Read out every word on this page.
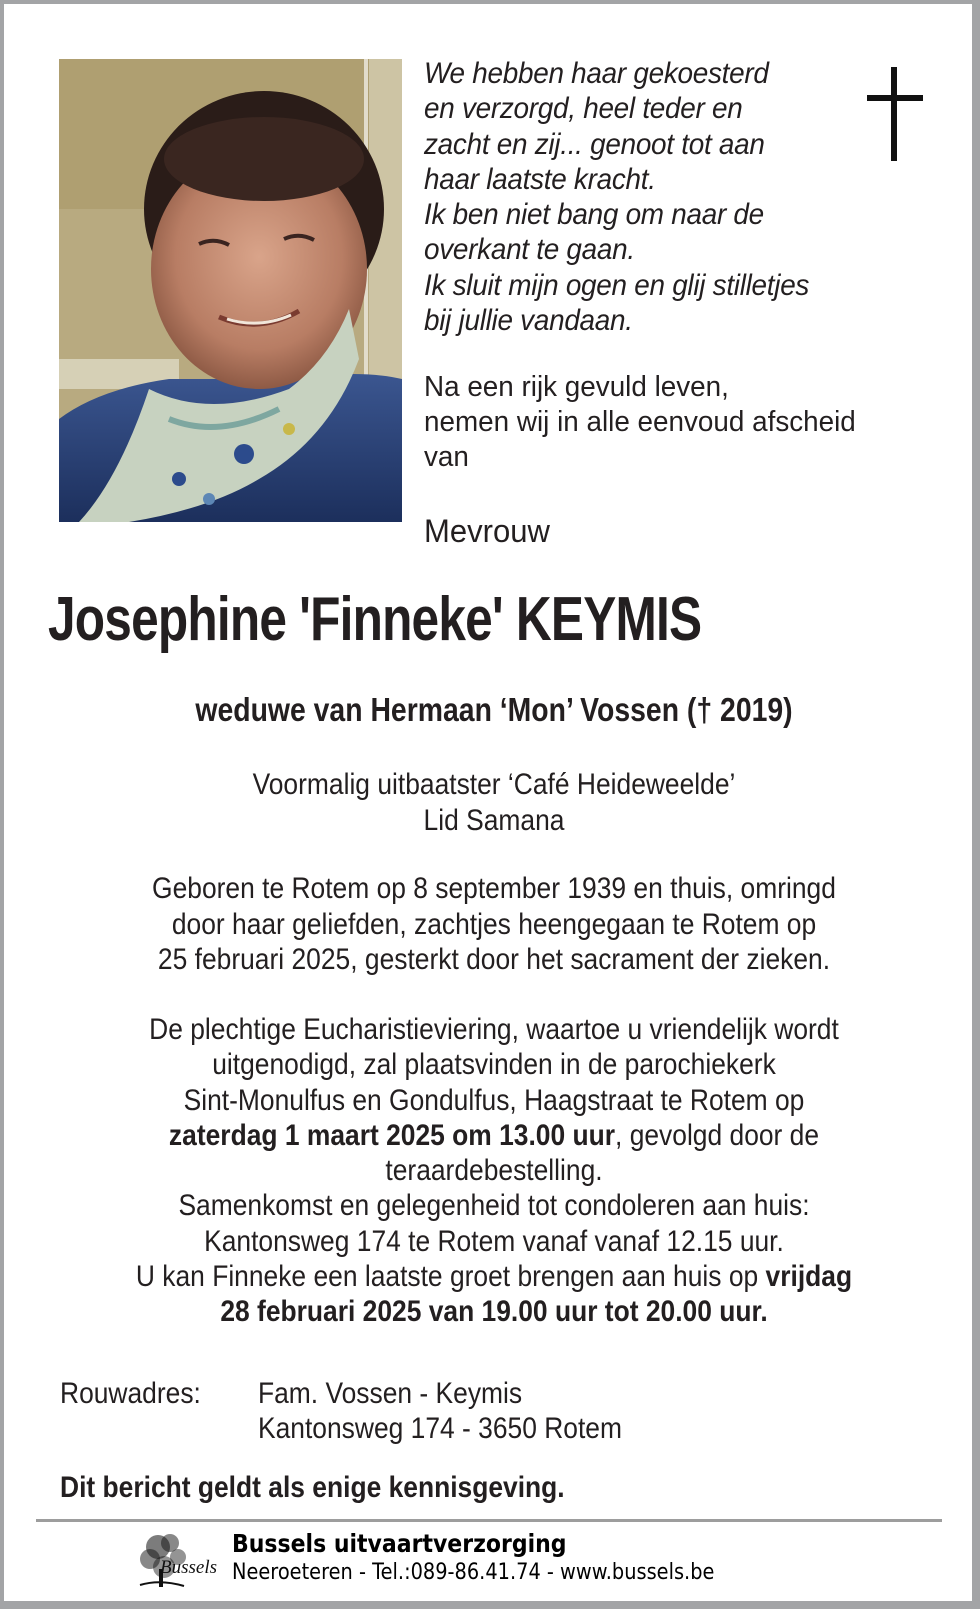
We hebben haar gekoesterd
en verzorgd, heel teder en
zacht en zij... genoot tot aan
haar laatste kracht.
Ik ben niet bang om naar de
overkant te gaan.
Ik sluit mijn ogen en glij stilletjes
bij jullie vandaan.
Na een rijk gevuld leven,
nemen wij in alle eenvoud afscheid
van
Mevrouw
Josephine 'Finneke' KEYMIS
weduwe van Hermaan ‘Mon’ Vossen († 2019)
Voormalig uitbaatster ‘Café Heideweelde’
Lid Samana
Geboren te Rotem op 8 september 1939 en thuis, omringd
door haar geliefden, zachtjes heengegaan te Rotem op
25 februari 2025, gesterkt door het sacrament der zieken.
De plechtige Eucharistieviering, waartoe u vriendelijk wordt
uitgenodigd, zal plaatsvinden in de parochiekerk
Sint-Monulfus en Gondulfus, Haagstraat te Rotem op
zaterdag 1 maart 2025 om 13.00 uur, gevolgd door de
teraardebestelling.
Samenkomst en gelegenheid tot condoleren aan huis:
Kantonsweg 174 te Rotem vanaf vanaf 12.15 uur.
U kan Finneke een laatste groet brengen aan huis op vrijdag
28 februari 2025 van 19.00 uur tot 20.00 uur.
Rouwadres:	Fam. Vossen - Keymis
Kantonsweg 174 - 3650 Rotem
Dit bericht geldt als enige kennisgeving.
Bussels
Bussels uitvaartverzorging
Neeroeteren - Tel.:089-86.41.74 - www.bussels.be
